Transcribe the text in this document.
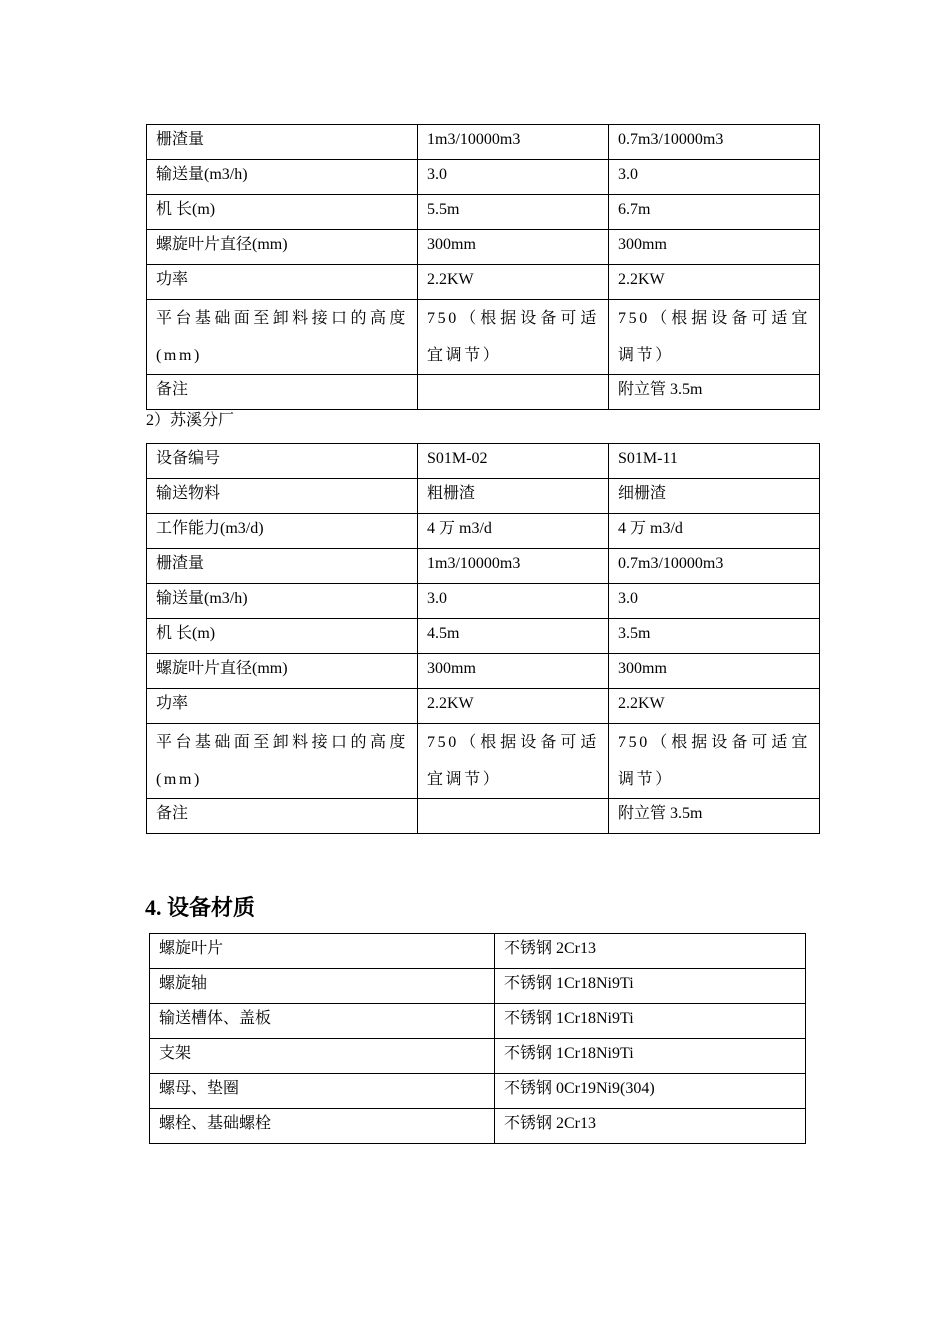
栅渣量	1m3/10000m3	0.7m3/10000m3
输送量(m3/h)	3.0	3.0
机 长(m)	5.5m	6.7m
螺旋叶片直径(mm)	300mm	300mm
功率	2.2KW	2.2KW
平台基础面至卸料接口的高度(mm)	750（根据设备可适宜调节）	750（根据设备可适宜调节）
备注		附立管 3.5m
2）苏溪分厂
设备编号	S01M-02	S01M-11
输送物料	粗栅渣	细栅渣
工作能力(m3/d)	4 万 m3/d	4 万 m3/d
栅渣量	1m3/10000m3	0.7m3/10000m3
输送量(m3/h)	3.0	3.0
机 长(m)	4.5m	3.5m
螺旋叶片直径(mm)	300mm	300mm
功率	2.2KW	2.2KW
平台基础面至卸料接口的高度(mm)	750（根据设备可适宜调节）	750（根据设备可适宜调节）
备注		附立管 3.5m
4. 设备材质
螺旋叶片	不锈钢 2Cr13
螺旋轴	不锈钢 1Cr18Ni9Ti
输送槽体、盖板	不锈钢 1Cr18Ni9Ti
支架	不锈钢 1Cr18Ni9Ti
螺母、垫圈	不锈钢 0Cr19Ni9(304)
螺栓、基础螺栓	不锈钢 2Cr13
